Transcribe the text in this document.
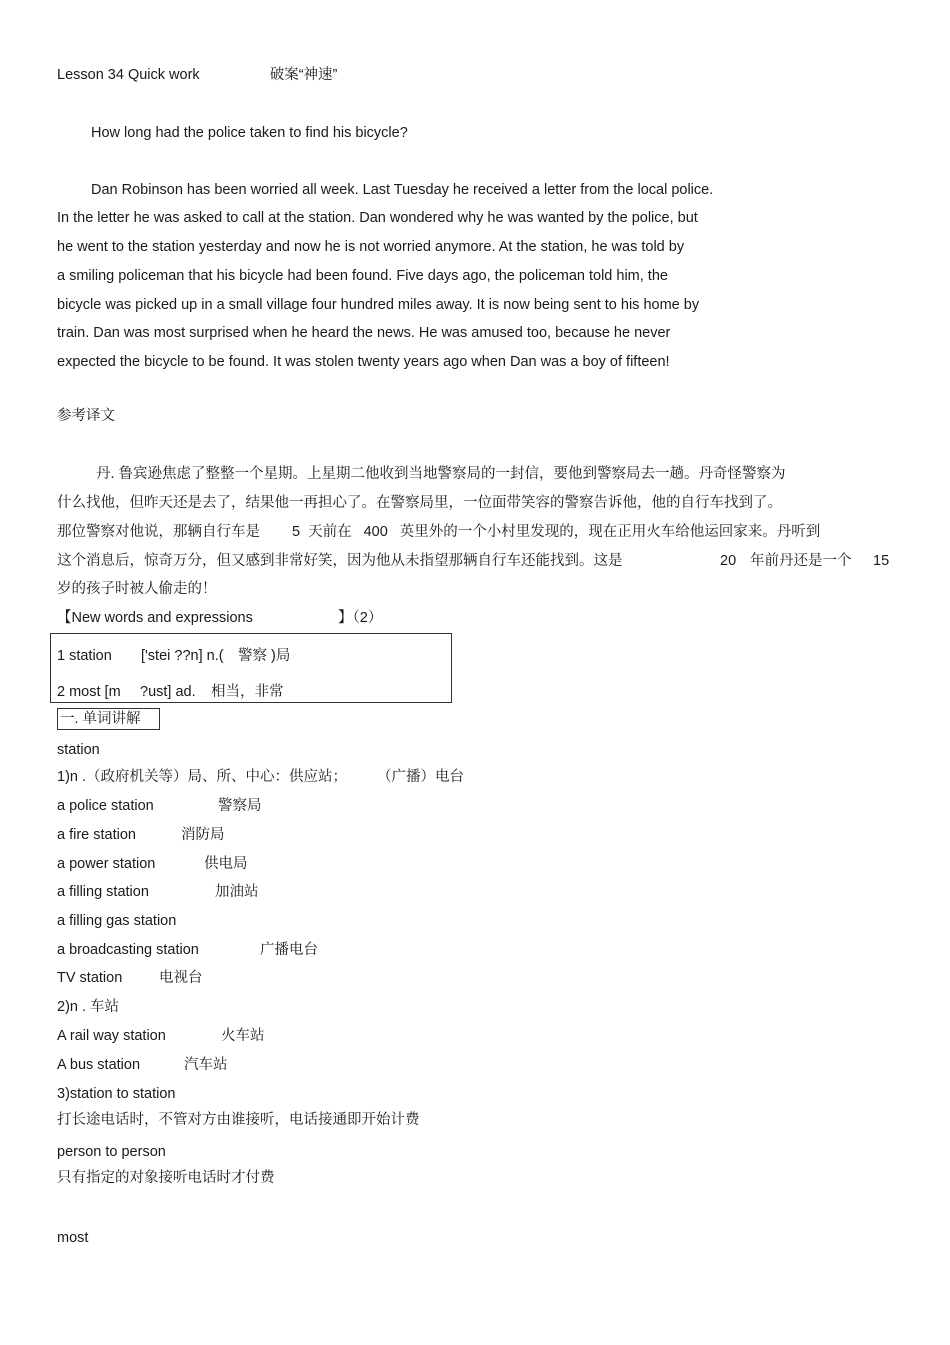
Lesson 34 Quick work	破案“神速”
How long had the police taken to find his bicycle?
Dan Robinson has been worried all week. Last Tuesday he received a letter from the local police.
In the letter he was asked to call at the station. Dan wondered why he was wanted by the police, but
he went to the station yesterday and now he is not worried anymore. At the station, he was told by
a smiling policeman that his bicycle had been found. Five days ago, the policeman told him, the
bicycle was picked up in a small village four hundred miles away. It is now being sent to his home by
train. Dan was most surprised when he heard the news. He was amused too, because he never
expected the bicycle to be found. It was stolen twenty years ago when Dan was a boy of fifteen!
参考译文
丹. 鲁宾逊焦虑了整整一个星期。上星期二他收到当地警察局的一封信，要他到警察局去一趟。丹奇怪警察为
什么找他，但昨天还是去了，结果他一再担心了。在警察局里，一位面带笑容的警察告诉他，他的自行车找到了。
那位警察对他说，那辆自行车是 5 天前在 400 英里外的一个小村里发现的，现在正用火车给他运回家来。丹听到
这个消息后，惊奇万分，但又感到非常好笑，因为他从未指望那辆自行车还能找到。这是	20 年前丹还是一个 15
岁的孩子时被人偷走的！
【New words and expressions	】（2）
1 station ['stei ??n] n.( 警察 )局
2 most [m ?ust] ad. 相当，非常
一. 单词讲解
station
1)n .（政府机关等）局、所、中心：供应站； （广播）电台
a police station	警察局
a fire station	消防局
a power station	供电局
a filling station	加油站
a filling gas station
a broadcasting station	广播电台
TV station	电视台
2)n . 车站
A rail way station	火车站
A bus station	汽车站
3)station to station
打长途电话时，不管对方由谁接听，电话接通即开始计费
person to person
只有指定的对象接听电话时才付费
most
